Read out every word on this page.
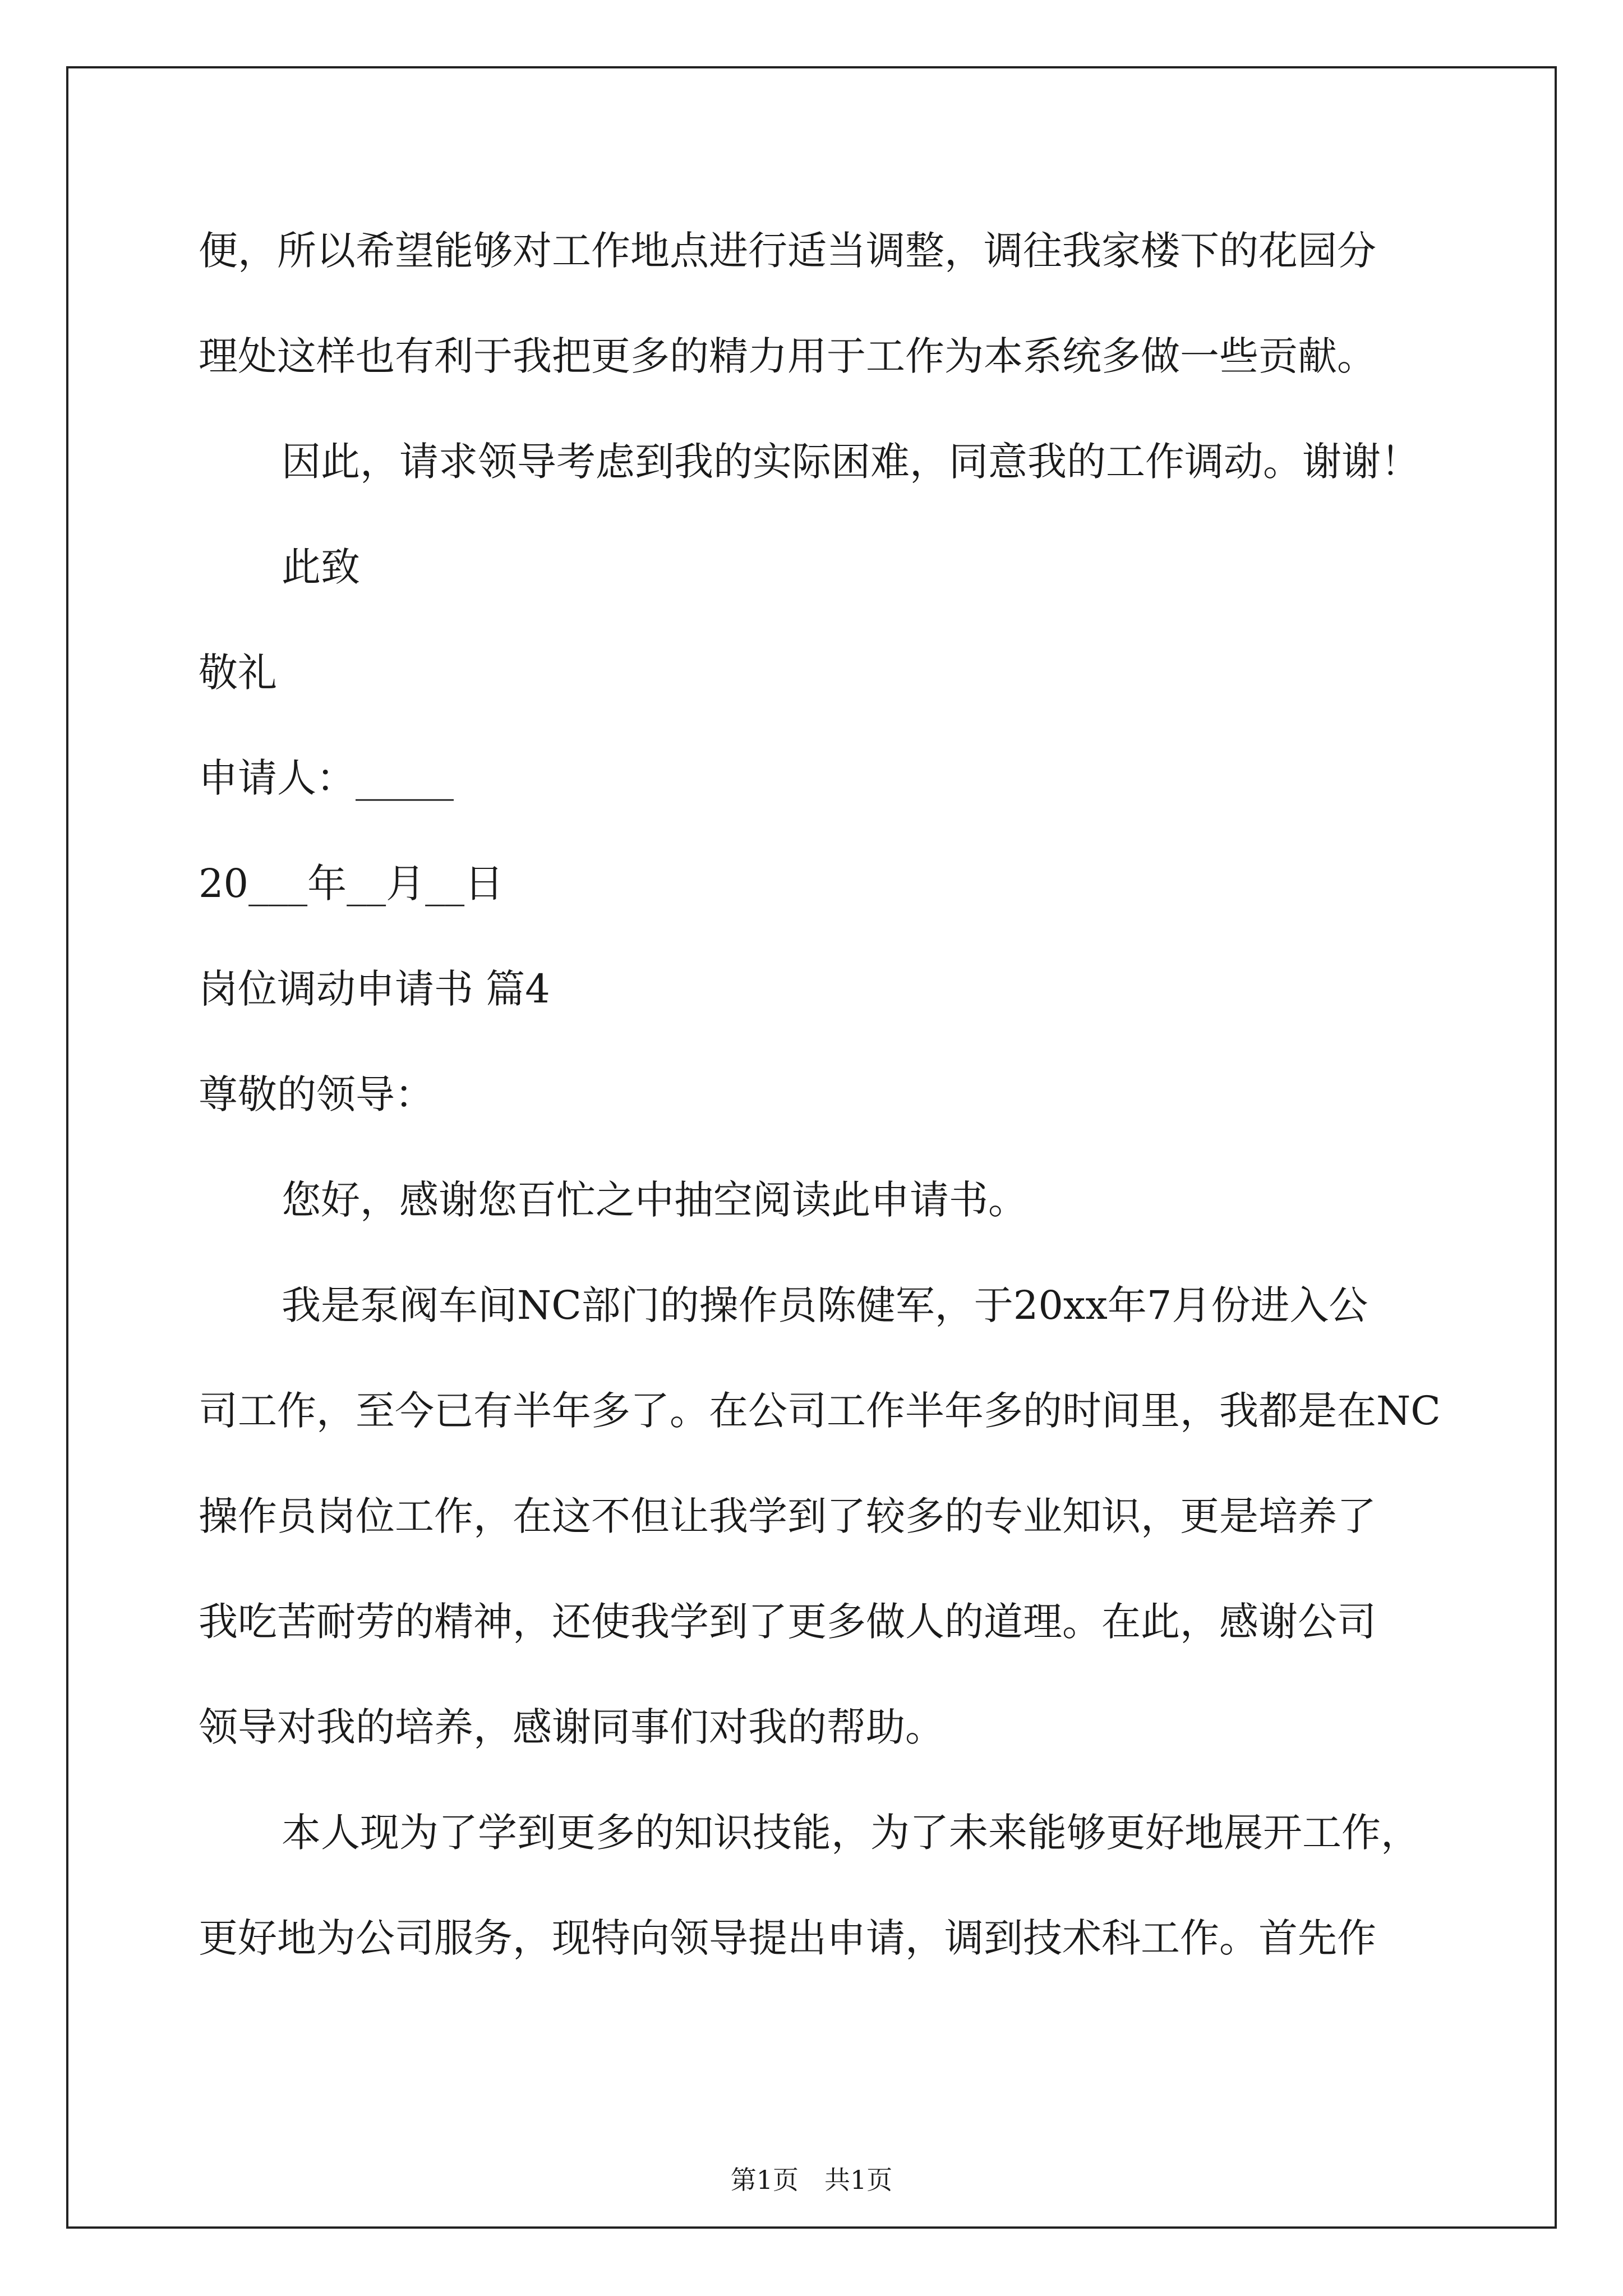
便，所以希望能够对工作地点进行适当调整，调往我家楼下的花园分
理处这样也有利于我把更多的精力用于工作为本系统多做一些贡献。
因此，请求领导考虑到我的实际困难，同意我的工作调动。谢谢！
此致
敬礼
申请人：_____
20___年__月__日
岗位调动申请书 篇4
尊敬的领导：
您好，感谢您百忙之中抽空阅读此申请书。
我是泵阀车间NC部门的操作员陈健军，于20xx年7月份进入公
司工作，至今已有半年多了。在公司工作半年多的时间里，我都是在NC
操作员岗位工作，在这不但让我学到了较多的专业知识，更是培养了
我吃苦耐劳的精神，还使我学到了更多做人的道理。在此，感谢公司
领导对我的培养，感谢同事们对我的帮助。
本人现为了学到更多的知识技能，为了未来能够更好地展开工作，
更好地为公司服务，现特向领导提出申请，调到技术科工作。首先作
第1页　共1页
